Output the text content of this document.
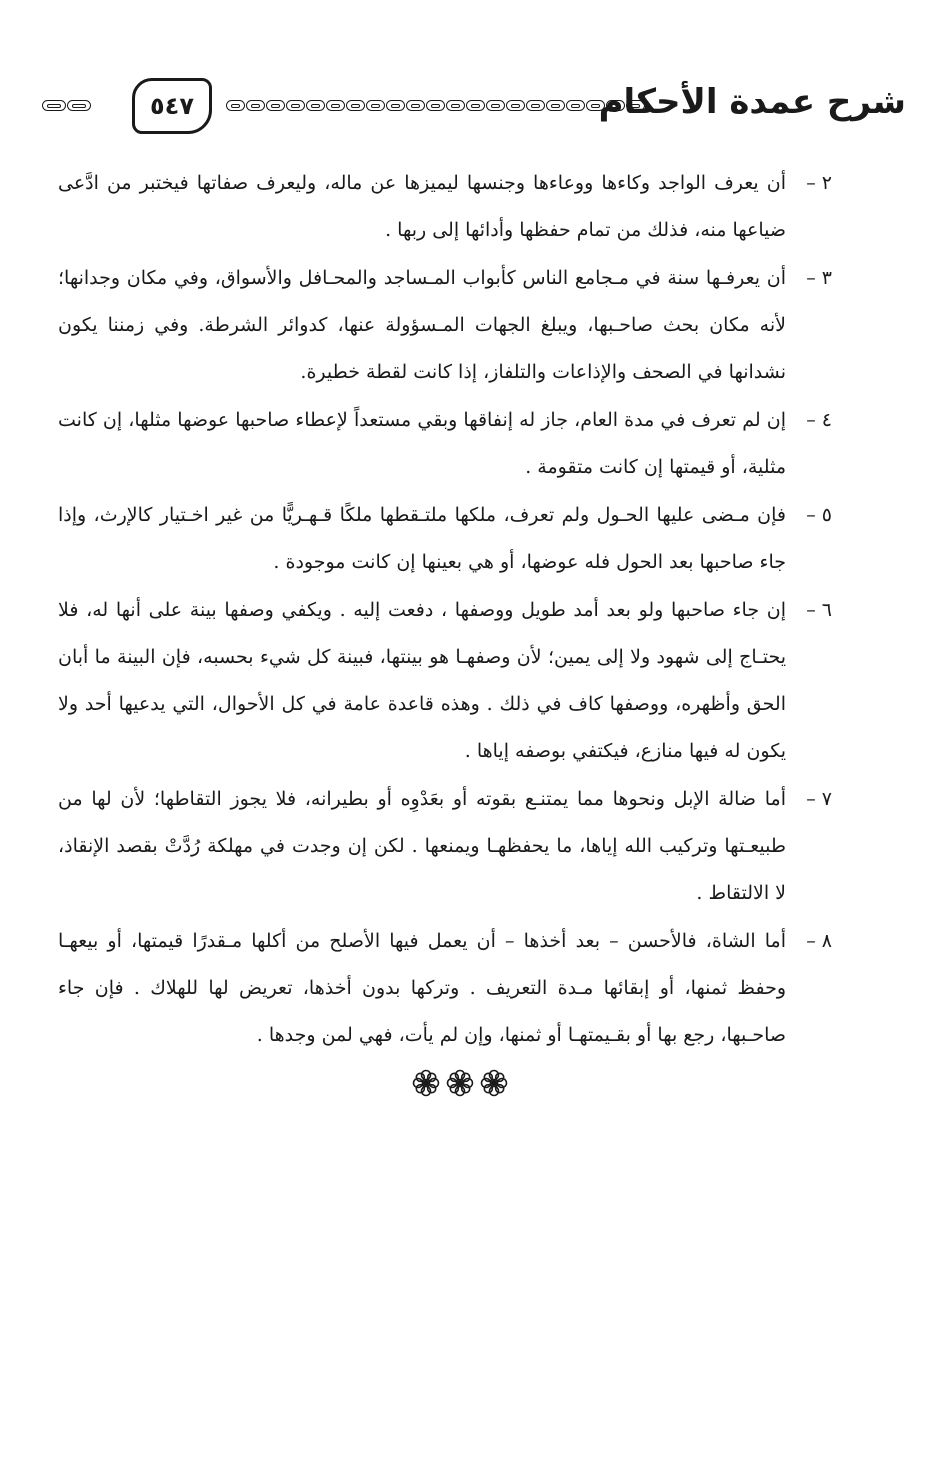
٥٤٧	شرح عمدة الأحكام
٢ –
أن يعرف الواجد وكاءها ووعاءها وجنسها ليميزها عن ماله، وليعرف صفاتها فيختبر من ادَّعى ضياعها منه، فذلك من تمام حفظها وأدائها إلى ربها .
٣ –
أن يعرفـها سنة في مـجامع الناس كأبواب المـساجد والمحـافل والأسواق، وفي مكان وجدانها؛ لأنه مكان بحث صاحـبها، ويبلغ الجهات المـسؤولة عنها، كدوائر الشرطة. وفي زمننا يكون نشدانها في الصحف والإذاعات والتلفاز، إذا كانت لقطة خطيرة.
٤ –
إن لم تعرف في مدة العام، جاز له إنفاقها وبقي مستعداً لإعطاء صاحبها عوضها مثلها، إن كانت مثلية، أو قيمتها إن كانت متقومة .
٥ –
فإن مـضى عليها الحـول ولم تعرف، ملكها ملتـقطها ملكًا قـهـريًّا من غير اخـتيار كالإرث، وإذا جاء صاحبها بعد الحول فله عوضها، أو هي بعينها إن كانت موجودة .
٦ –
إن جاء صاحبها ولو بعد أمد طويل ووصفها ، دفعت إليه . ويكفي وصفها بينة على أنها له، فلا يحتـاج إلى شهود ولا إلى يمين؛ لأن وصفهـا هو بينتها، فبينة كل شيء بحسبه، فإن البينة ما أبان الحق وأظهره، ووصفها كاف في ذلك . وهذه قاعدة عامة في كل الأحوال، التي يدعيها أحد ولا يكون له فيها منازع، فيكتفي بوصفه إياها .
٧ –
أما ضالة الإبل ونحوها مما يمتنـع بقوته أو بعَدْوِه أو بطيرانه، فلا يجوز التقاطها؛ لأن لها من طبيعـتها وتركيب الله إياها، ما يحفظهـا ويمنعها . لكن إن وجدت في مهلكة رُدَّتْ بقصد الإنقاذ، لا الالتقاط .
٨ –
أما الشاة، فالأحسن – بعد أخذها – أن يعمل فيها الأصلح من أكلها مـقدرًا قيمتها، أو بيعهـا وحفظ ثمنها، أو إبقائها مـدة التعريف . وتركها بدون أخذها، تعريض لها للهلاك . فإن جاء صاحـبها، رجع بها أو بقـيمتهـا أو ثمنها، وإن لم يأت، فهي لمن وجدها .
